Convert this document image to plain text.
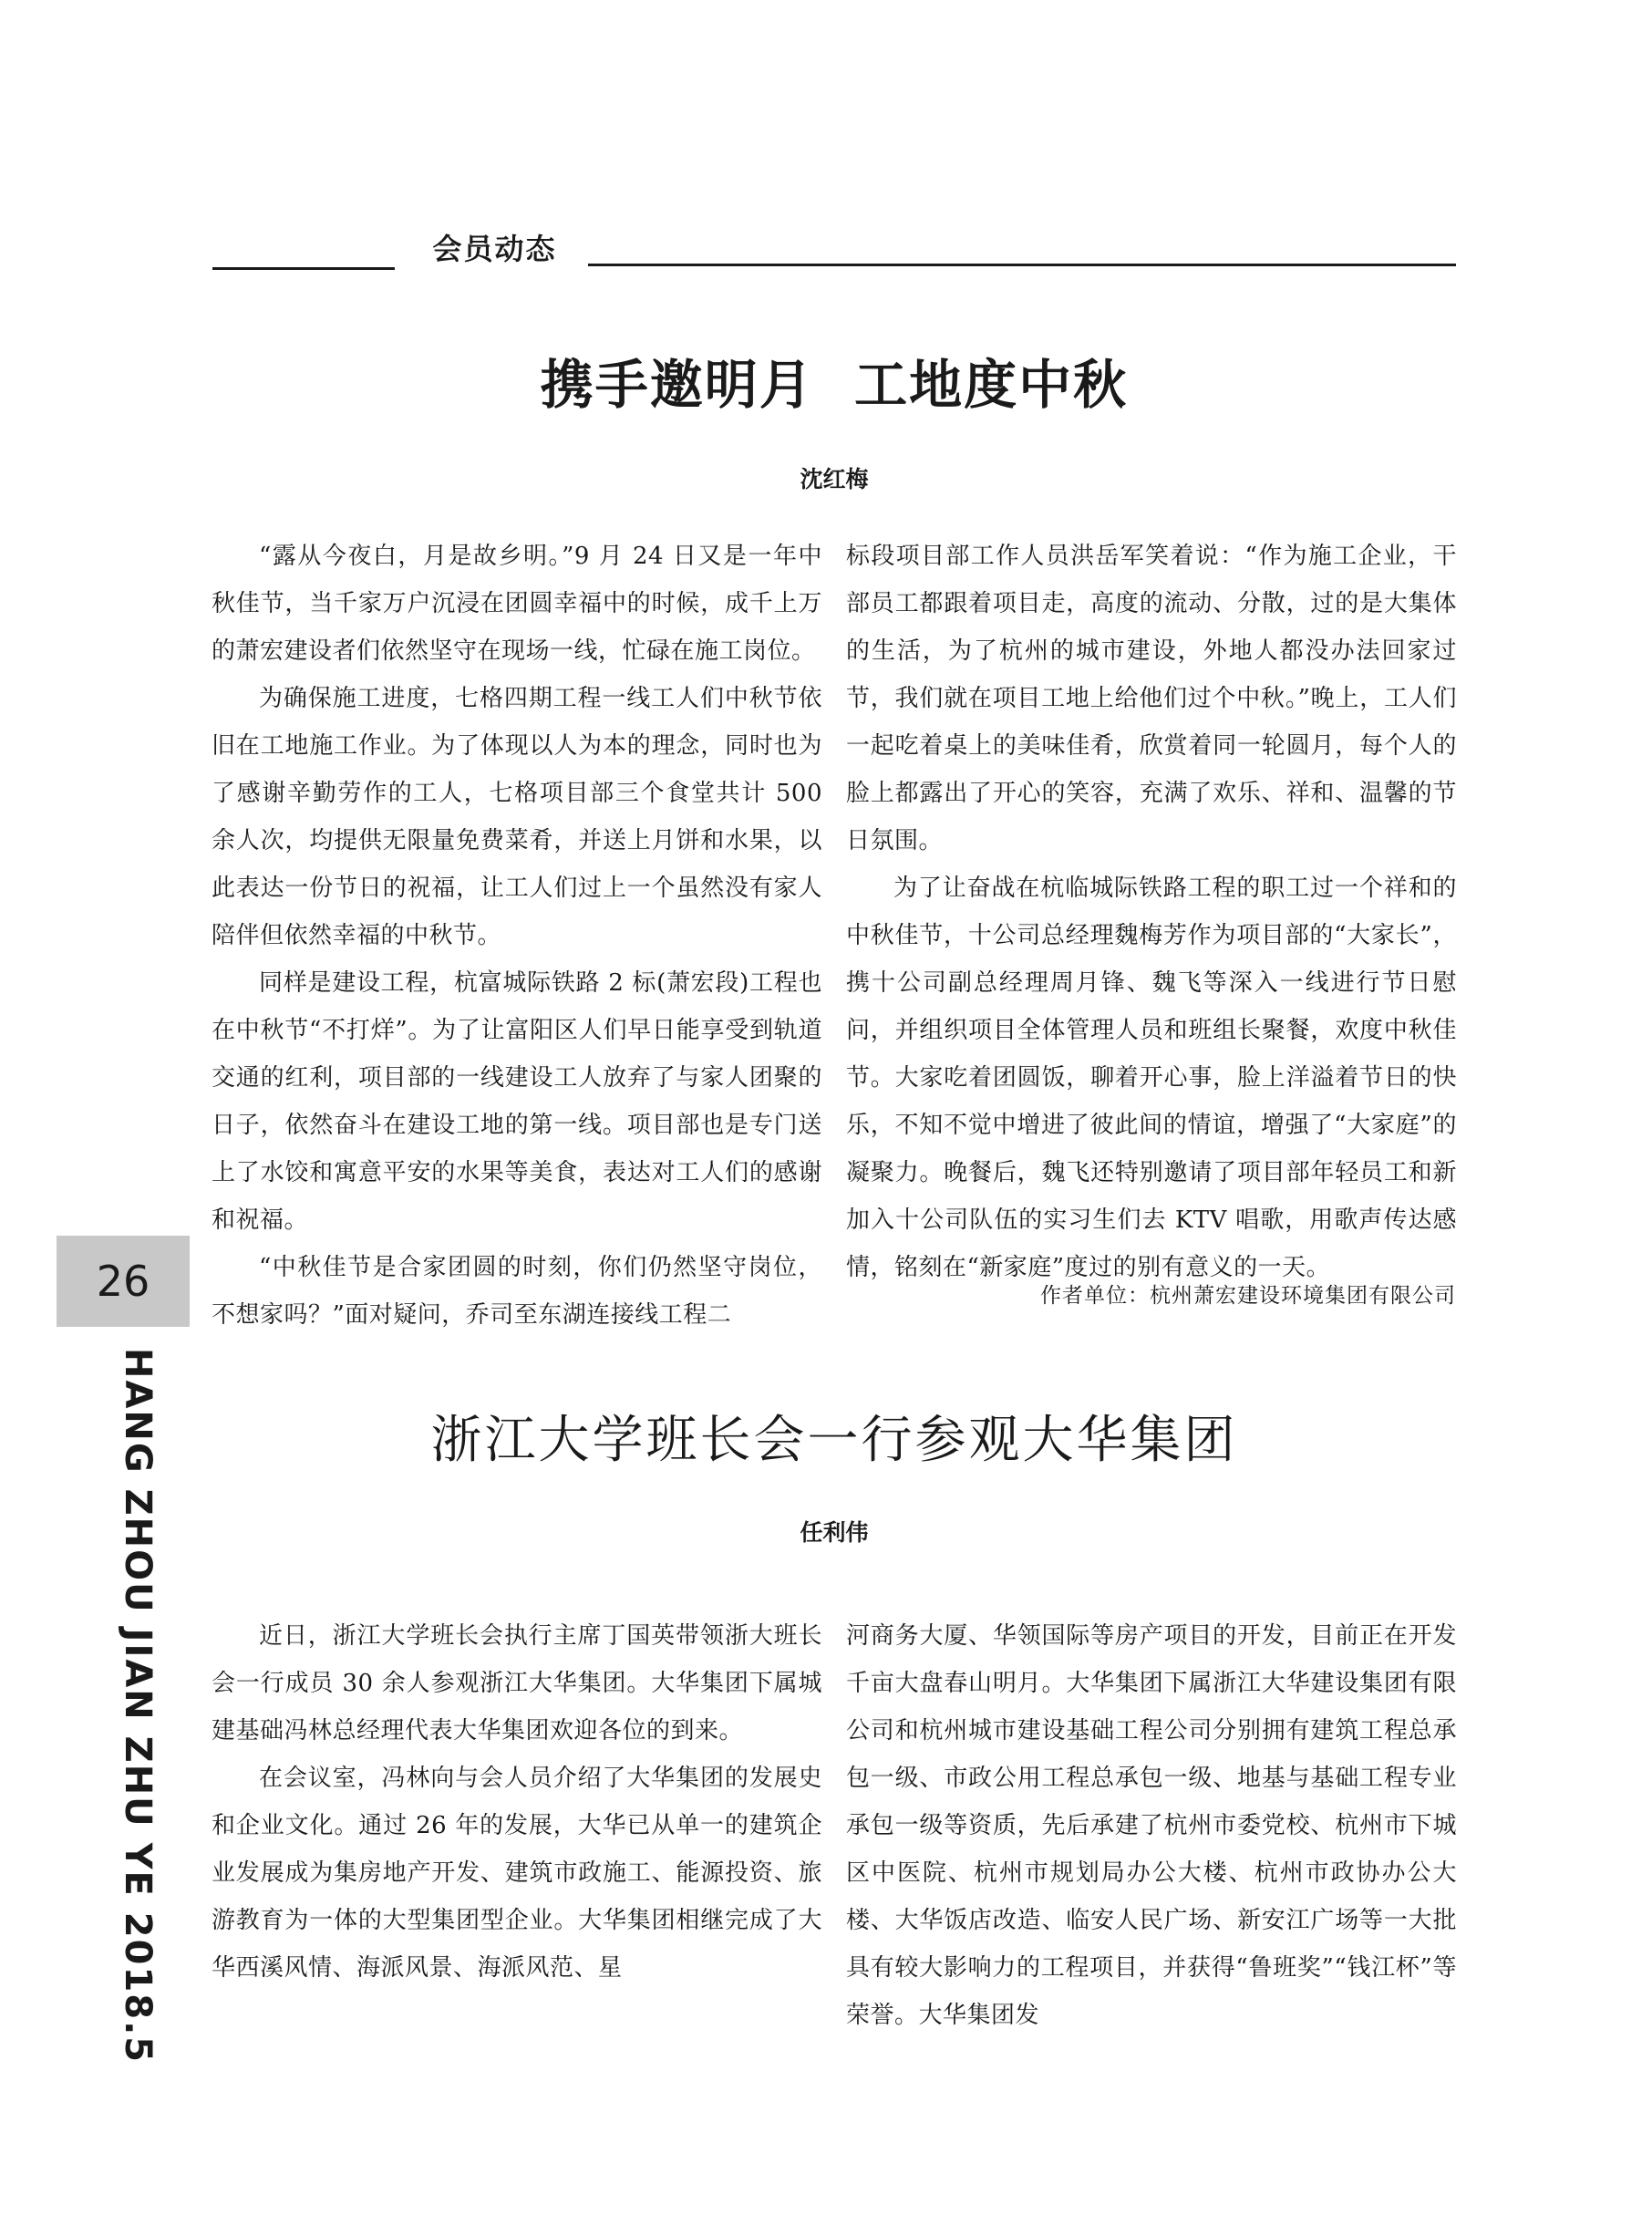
会员动态
携手邀明月  工地度中秋
沈红梅

“露从今夜白，月是故乡明。”9 月 24 日又是一年中秋佳节，当千家万户沉浸在团圆幸福中的时候，成千上万的萧宏建设者们依然坚守在现场一线，忙碌在施工岗位。

为确保施工进度，七格四期工程一线工人们中秋节依旧在工地施工作业。为了体现以人为本的理念，同时也为了感谢辛勤劳作的工人，七格项目部三个食堂共计 500 余人次，均提供无限量免费菜肴，并送上月饼和水果，以此表达一份节日的祝福，让工人们过上一个虽然没有家人陪伴但依然幸福的中秋节。

同样是建设工程，杭富城际铁路 2 标(萧宏段)工程也在中秋节“不打烊”。为了让富阳区人们早日能享受到轨道交通的红利，项目部的一线建设工人放弃了与家人团聚的日子，依然奋斗在建设工地的第一线。项目部也是专门送上了水饺和寓意平安的水果等美食，表达对工人们的感谢和祝福。

“中秋佳节是合家团圆的时刻，你们仍然坚守岗位，不想家吗？”面对疑问，乔司至东湖连接线工程二

标段项目部工作人员洪岳军笑着说：“作为施工企业，干部员工都跟着项目走，高度的流动、分散，过的是大集体的生活，为了杭州的城市建设，外地人都没办法回家过节，我们就在项目工地上给他们过个中秋。”晚上，工人们一起吃着桌上的美味佳肴，欣赏着同一轮圆月，每个人的脸上都露出了开心的笑容，充满了欢乐、祥和、温馨的节日氛围。

为了让奋战在杭临城际铁路工程的职工过一个祥和的中秋佳节，十公司总经理魏梅芳作为项目部的“大家长”，携十公司副总经理周月锋、魏飞等深入一线进行节日慰问，并组织项目全体管理人员和班组长聚餐，欢度中秋佳节。大家吃着团圆饭，聊着开心事，脸上洋溢着节日的快乐，不知不觉中增进了彼此间的情谊，增强了“大家庭”的凝聚力。晚餐后，魏飞还特别邀请了项目部年轻员工和新加入十公司队伍的实习生们去 KTV 唱歌，用歌声传达感情，铭刻在“新家庭”度过的别有意义的一天。

作者单位：杭州萧宏建设环境集团有限公司
浙江大学班长会一行参观大华集团
任利伟

近日，浙江大学班长会执行主席丁国英带领浙大班长会一行成员 30 余人参观浙江大华集团。大华集团下属城建基础冯林总经理代表大华集团欢迎各位的到来。

在会议室，冯林向与会人员介绍了大华集团的发展史和企业文化。通过 26 年的发展，大华已从单一的建筑企业发展成为集房地产开发、建筑市政施工、能源投资、旅游教育为一体的大型集团型企业。大华集团相继完成了大华西溪风情、海派风景、海派风范、星

河商务大厦、华领国际等房产项目的开发，目前正在开发千亩大盘春山明月。大华集团下属浙江大华建设集团有限公司和杭州城市建设基础工程公司分别拥有建筑工程总承包一级、市政公用工程总承包一级、地基与基础工程专业承包一级等资质，先后承建了杭州市委党校、杭州市下城区中医院、杭州市规划局办公大楼、杭州市政协办公大楼、大华饭店改造、临安人民广场、新安江广场等一大批具有较大影响力的工程项目，并获得“鲁班奖”“钱江杯”等荣誉。大华集团发

26
HANG ZHOU JIAN ZHU YE 2018.5
